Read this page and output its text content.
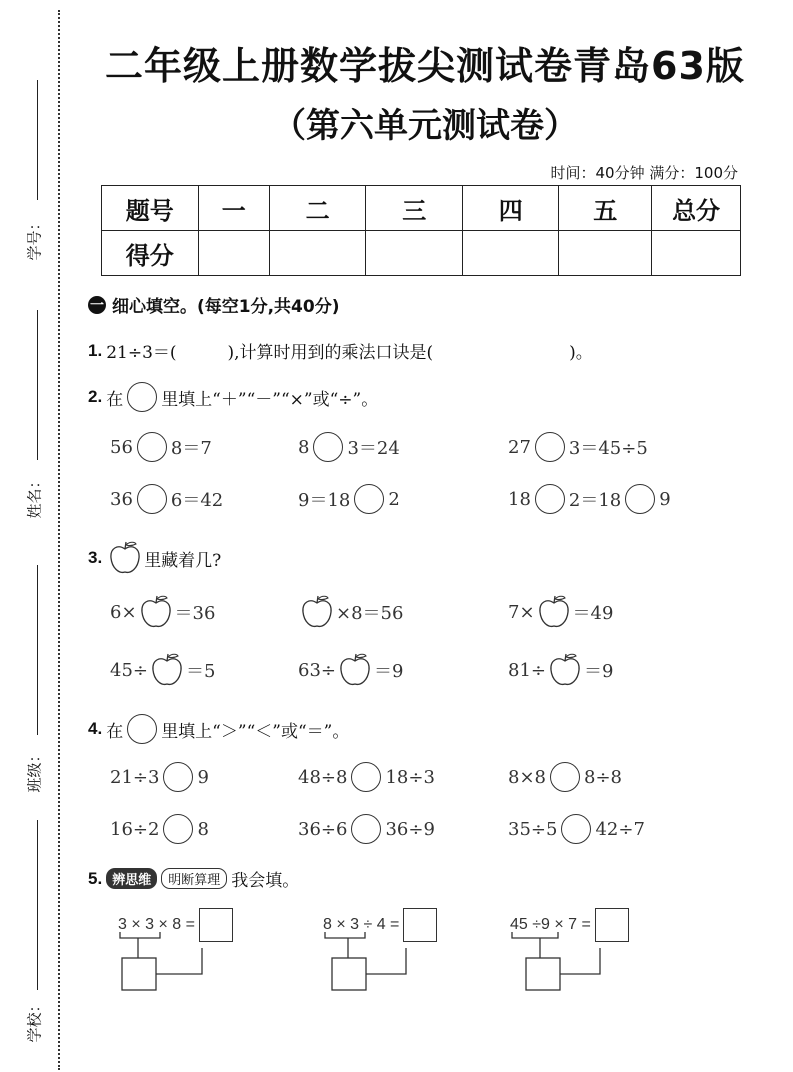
学号：
姓名：
班级：
学校：
二年级上册数学拔尖测试卷青岛63版
（第六单元测试卷）
时间：40分钟 满分：100分
题号	一	二	三	四	五	总分
得分						
一 细心填空。(每空1分,共40分)
1. 21÷3＝(　　　),计算时用到的乘法口诀是(　　　　　　　　)。
2. 在 里填上“＋”“－”“×”或“÷”。
56 8＝7	8 3＝24	27 3＝45÷5
36 6＝42	9＝18 2	18 2＝18 9
3. 里藏着几?
6× ＝36	×8＝56	7× ＝49
45÷ ＝5	63÷ ＝9	81÷ ＝9
4. 在 里填上“＞”“＜”或“＝”。
21÷3 9	48÷8 18÷3	8×8 8÷8
16÷2 8	36÷6 36÷9	35÷5 42÷7
5. 辨思维	明断算理 我会填。
3 × 3 × 8 =	8 × 3 ÷ 4 =	45 ÷9 × 7 =
